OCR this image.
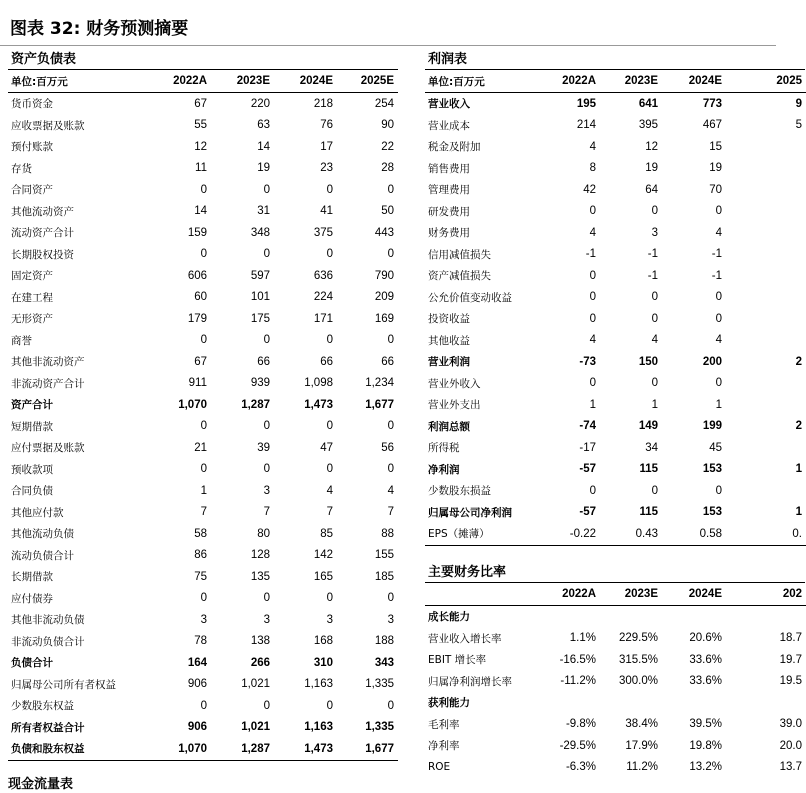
图表 32: 财务预测摘要
资产负债表
单位:百万元	2022A	2023E	2024E	2025E
货币资金	67	220	218	254
应收票据及账款	55	63	76	90
预付账款	12	14	17	22
存货	11	19	23	28
合同资产	0	0	0	0
其他流动资产	14	31	41	50
流动资产合计	159	348	375	443
长期股权投资	0	0	0	0
固定资产	606	597	636	790
在建工程	60	101	224	209
无形资产	179	175	171	169
商誉	0	0	0	0
其他非流动资产	67	66	66	66
非流动资产合计	911	939	1,098	1,234
资产合计	1,070	1,287	1,473	1,677
短期借款	0	0	0	0
应付票据及账款	21	39	47	56
预收款项	0	0	0	0
合同负债	1	3	4	4
其他应付款	7	7	7	7
其他流动负债	58	80	85	88
流动负债合计	86	128	142	155
长期借款	75	135	165	185
应付债券	0	0	0	0
其他非流动负债	3	3	3	3
非流动负债合计	78	138	168	188
负债合计	164	266	310	343
归属母公司所有者权益	906	1,021	1,163	1,335
少数股东权益	0	0	0	0
所有者权益合计	906	1,021	1,163	1,335
负债和股东权益	1,070	1,287	1,473	1,677
利润表
单位:百万元	2022A	2023E	2024E	2025
营业收入	195	641	773	9
营业成本	214	395	467	5
税金及附加	4	12	15	
销售费用	8	19	19	
管理费用	42	64	70	
研发费用	0	0	0	
财务费用	4	3	4	
信用减值损失	-1	-1	-1	
资产减值损失	0	-1	-1	
公允价值变动收益	0	0	0	
投资收益	0	0	0	
其他收益	4	4	4	
营业利润	-73	150	200	2
营业外收入	0	0	0	
营业外支出	1	1	1	
利润总额	-74	149	199	2
所得税	-17	34	45	
净利润	-57	115	153	1
少数股东损益	0	0	0	
归属母公司净利润	-57	115	153	1
EPS（摊薄）	-0.22	0.43	0.58	0.
主要财务比率
	2022A	2023E	2024E	202
成长能力				
营业收入增长率	1.1%	229.5%	20.6%	18.7
EBIT 增长率	-16.5%	315.5%	33.6%	19.7
归属净利润增长率	-11.2%	300.0%	33.6%	19.5
获利能力				
毛利率	-9.8%	38.4%	39.5%	39.0
净利率	-29.5%	17.9%	19.8%	20.0
ROE	-6.3%	11.2%	13.2%	13.7
现金流量表
